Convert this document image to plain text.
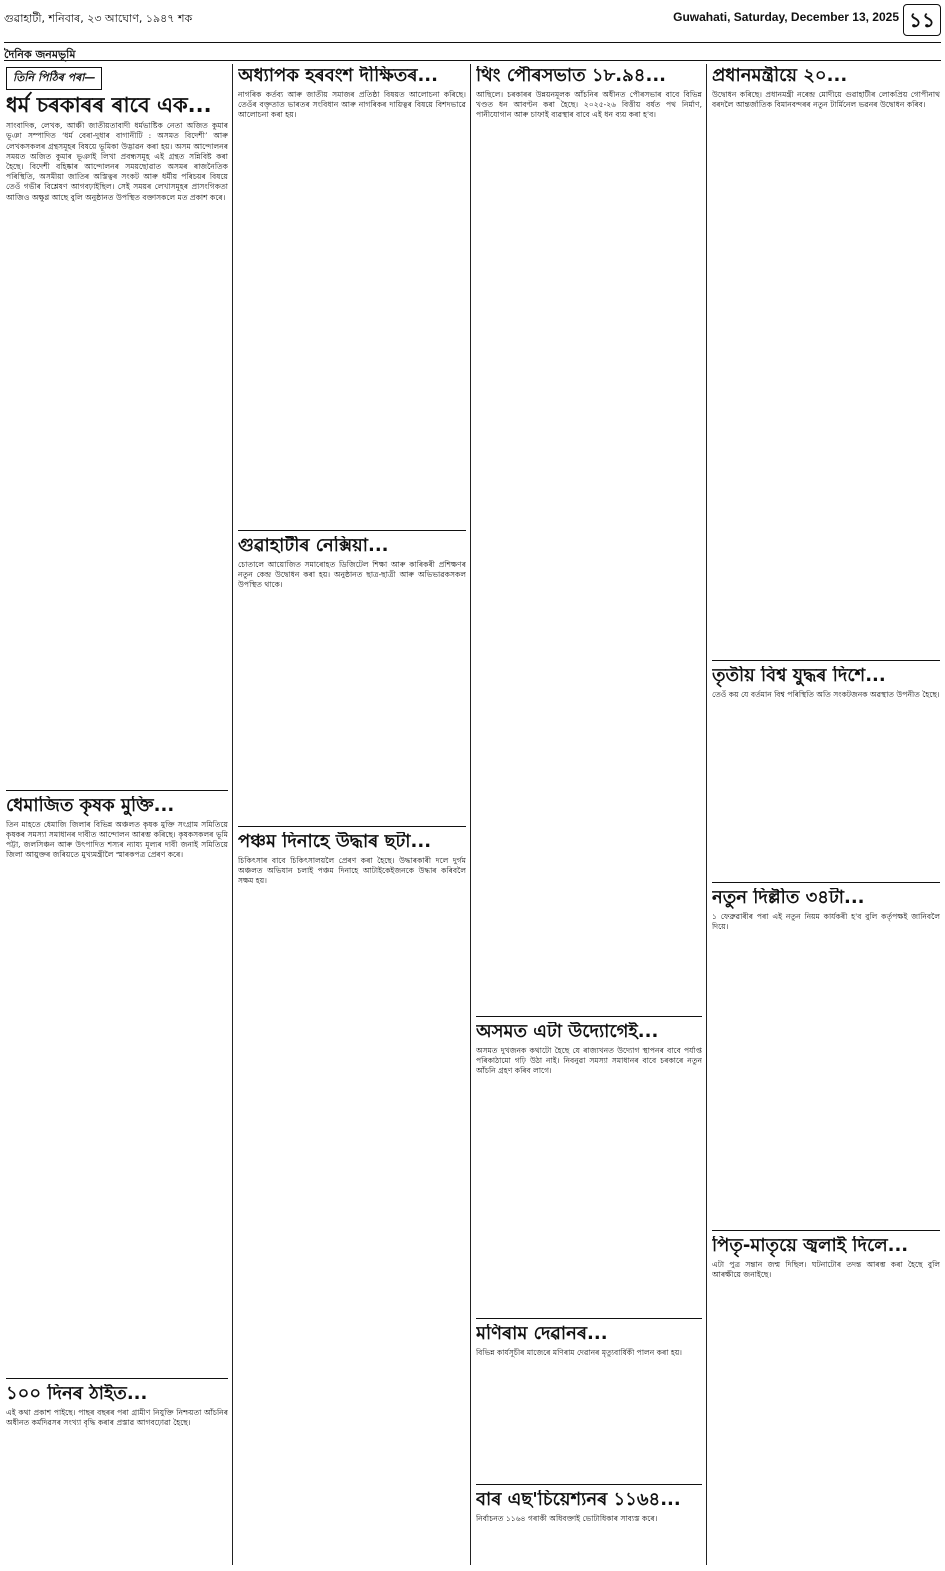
গুৱাহাটী, শনিবাৰ, ২৩ আঘোণ, ১৯৪৭ শক	Guwahati, Saturday, December 13, 2025 ১১
দৈনিক জনমভূমি
তিনি পিঠিৰ পৰা—
ধৰ্ম চৰকাৰৰ ৰাবে এক...

সাংবাদিক, লেখক, আঞ্চী জাতীয়তাবাদী ধৰ্মভাষ্টিক নেতা অজিত কুমাৰ ভূঞা সম্পাদিত ‘ধৰ্ম বেৰা-দুধাৰ বাগানীটি : অসমত বিদেশী’ আৰু লেখকসকলৰ গ্ৰন্থসমূহৰ বিষয়ে ভূমিকা উদ্ভাৱন কৰা হয়। অসম আন্দোলনৰ সময়ত অজিত কুমাৰ ভূঞাই লিখা প্ৰবন্ধসমূহ এই গ্ৰন্থত সন্নিবিষ্ট কৰা হৈছে। বিদেশী বহিষ্কাৰ আন্দোলনৰ সময়ছোৱাত অসমৰ ৰাজনৈতিক পৰিস্থিতি, অসমীয়া জাতিৰ অস্তিত্বৰ সংকট আৰু ধৰ্মীয় পৰিচয়ৰ বিষয়ে তেওঁ গভীৰ বিশ্লেষণ আগবঢ়াইছিল। সেই সময়ৰ লেখাসমূহৰ প্ৰাসংগিকতা আজিও অক্ষুণ্ণ আছে বুলি অনুষ্ঠানত উপস্থিত বক্তাসকলে মত প্ৰকাশ কৰে।

ধেমাজিত কৃষক মুক্তি...

তিন মাহতে ধেমাজি জিলাৰ বিভিন্ন অঞ্চলত কৃষক মুক্তি সংগ্ৰাম সমিতিয়ে কৃষকৰ সমস্যা সমাধানৰ দাবীত আন্দোলন আৰম্ভ কৰিছে। কৃষকসকলৰ ভূমি পট্টা, জলসিঞ্চন আৰু উৎপাদিত শস্যৰ ন্যায্য মূল্যৰ দাবী জনাই সমিতিয়ে জিলা আয়ুক্তৰ জৰিয়তে মুখ্যমন্ত্ৰীলৈ স্মাৰকপত্ৰ প্ৰেৰণ কৰে।

১০০ দিনৰ ঠাইত...

এই কথা প্ৰকাশ পাইছে। পাছৰ বছৰৰ পৰা গ্ৰামীণ নিযুক্তি নিশ্চয়তা আঁচনিৰ অধীনত কৰ্মদিৱসৰ সংখ্যা বৃদ্ধি কৰাৰ প্ৰস্তাৱ আগবঢ়োৱা হৈছে।

অধ্যাপক হৰবংশ দীক্ষিতৰ...

নাগৰিক কৰ্তব্য আৰু জাতীয় সমাজৰ প্ৰতিষ্ঠা বিষয়ত আলোচনা কৰিছে। তেওঁৰ বক্তৃতাত ভাৰতৰ সংবিধান আৰু নাগৰিকৰ দায়িত্বৰ বিষয়ে বিশদভাৱে আলোচনা কৰা হয়।

গুৱাহাটীৰ নেক্সিয়া...

চোতালে আয়োজিত সমাৰোহত ডিজিটেল শিক্ষা আৰু কাৰিকৰী প্ৰশিক্ষণৰ নতুন কেন্দ্ৰ উদ্বোধন কৰা হয়। অনুষ্ঠানত ছাত্ৰ-ছাত্ৰী আৰু অভিভাৱকসকল উপস্থিত থাকে।

পঞ্চম দিনাহে উদ্ধাৰ ছটা...

চিকিৎসাৰ বাবে চিকিৎসালয়লৈ প্ৰেৰণ কৰা হৈছে। উদ্ধাৰকাৰী দলে দুৰ্গম অঞ্চলত অভিযান চলাই পঞ্চম দিনাহে আটাইকেইজনকে উদ্ধাৰ কৰিবলৈ সক্ষম হয়।

থিং পৌৰসভাত ১৮.৯৪...

আছিলে। চৰকাৰৰ উন্নয়নমূলক আঁচনিৰ অধীনত পৌৰসভাৰ বাবে বিভিন্ন খণ্ডত ধন আবণ্টন কৰা হৈছে। ২০২৫-২৬ বিত্তীয় বৰ্ষত পথ নিৰ্মাণ, পানীযোগান আৰু চাফাই ব্যৱস্থাৰ বাবে এই ধন ব্যয় কৰা হ'ব।

অসমত এটা উদ্যোগেই...

অসমত দুখজনক কথাটো হৈছে যে ৰাজ্যখনত উদ্যোগ স্থাপনৰ বাবে পৰ্যাপ্ত পৰিকাঠামো গঢ়ি উঠা নাই। নিবনুৱা সমস্যা সমাধানৰ বাবে চৰকাৰে নতুন আঁচনি গ্ৰহণ কৰিব লাগে।

মণিৰাম দেৱানৰ...

বিভিন্ন কাৰ্যসূচীৰ মাজেৰে মণিৰাম দেৱানৰ মৃত্যুবাৰ্ষিকী পালন কৰা হয়।

বাৰ এছ'চিয়েশ্যনৰ ১১৬৪...

নিৰ্বাচনত ১১৬৪ গৰাকী অধিবক্তাই ভোটাধিকাৰ সাব্যস্ত কৰে।

প্ৰধানমন্ত্ৰীয়ে ২০...

উদ্বোধন কৰিছে। প্ৰধানমন্ত্ৰী নৰেন্দ্ৰ মোদীয়ে গুৱাহাটীৰ লোকপ্ৰিয় গোপীনাথ বৰদলৈ আন্তৰ্জাতিক বিমানবন্দৰৰ নতুন টাৰ্মিনেল ভৱনৰ উদ্বোধন কৰিব।

তৃতীয় বিশ্ব যুদ্ধৰ দিশে...

তেওঁ কয় যে বৰ্তমান বিশ্ব পৰিস্থিতি অতি সংকটজনক অৱস্থাত উপনীত হৈছে।

নতুন দিল্লীত ৩৪টা...

১ ফেব্ৰুৱাৰীৰ পৰা এই নতুন নিয়ম কাৰ্যকৰী হ'ব বুলি কৰ্তৃপক্ষই জানিবলৈ দিয়ে।

পিতৃ-মাতৃয়ে জ্বলাই দিলে...

এটা পুত্ৰ সন্তান জন্ম দিছিল। ঘটনাটোৰ তদন্ত আৰম্ভ কৰা হৈছে বুলি আৰক্ষীয়ে জনাইছে।
